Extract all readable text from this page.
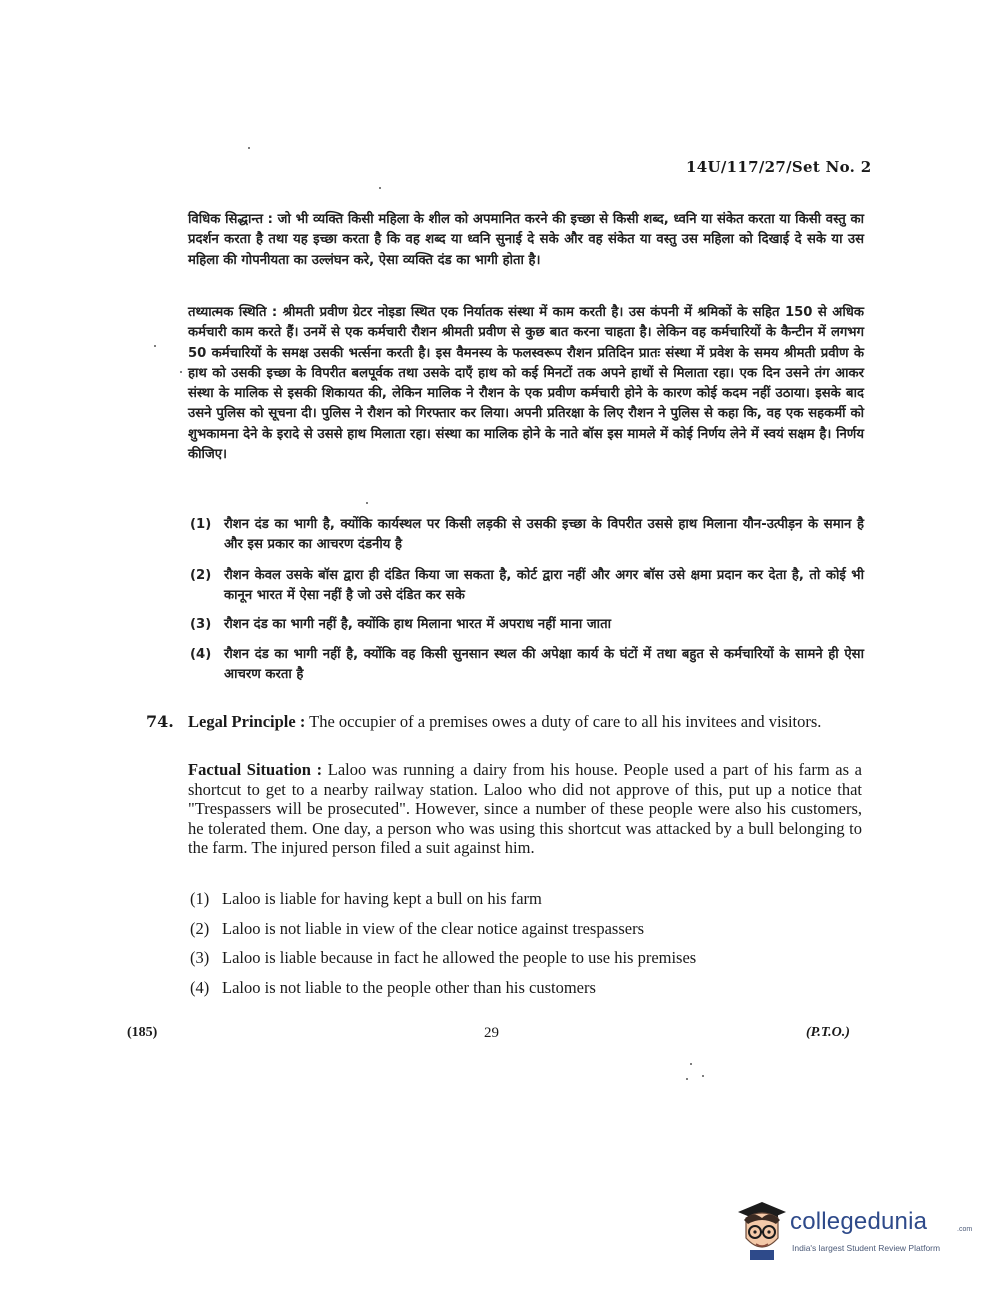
14U/117/27/Set No. 2
विधिक सिद्धान्त : जो भी व्यक्ति किसी महिला के शील को अपमानित करने की इच्छा से किसी शब्द, ध्वनि या संकेत करता या किसी वस्तु का प्रदर्शन करता है तथा यह इच्छा करता है कि वह शब्द या ध्वनि सुनाई दे सके और वह संकेत या वस्तु उस महिला को दिखाई दे सके या उस महिला की गोपनीयता का उल्लंघन करे, ऐसा व्यक्ति दंड का भागी होता है।
तथ्यात्मक स्थिति : श्रीमती प्रवीण ग्रेटर नोइडा स्थित एक निर्यातक संस्था में काम करती है। उस कंपनी में श्रमिकों के सहित 150 से अधिक कर्मचारी काम करते हैं। उनमें से एक कर्मचारी रौशन श्रीमती प्रवीण से कुछ बात करना चाहता है। लेकिन वह कर्मचारियों के कैन्टीन में लगभग 50 कर्मचारियों के समक्ष उसकी भर्त्सना करती है। इस वैमनस्य के फलस्वरूप रौशन प्रतिदिन प्रातः संस्था में प्रवेश के समय श्रीमती प्रवीण के हाथ को उसकी इच्छा के विपरीत बलपूर्वक तथा उसके दाएँ हाथ को कई मिनटों तक अपने हाथों से मिलाता रहा। एक दिन उसने तंग आकर संस्था के मालिक से इसकी शिकायत की, लेकिन मालिक ने रौशन के एक प्रवीण कर्मचारी होने के कारण कोई कदम नहीं उठाया। इसके बाद उसने पुलिस को सूचना दी। पुलिस ने रौशन को गिरफ्तार कर लिया। अपनी प्रतिरक्षा के लिए रौशन ने पुलिस से कहा कि, वह एक सहकर्मी को शुभकामना देने के इरादे से उससे हाथ मिलाता रहा। संस्था का मालिक होने के नाते बॉस इस मामले में कोई निर्णय लेने में स्वयं सक्षम है। निर्णय कीजिए।
(1) रौशन दंड का भागी है, क्योंकि कार्यस्थल पर किसी लड़की से उसकी इच्छा के विपरीत उससे हाथ मिलाना यौन-उत्पीड़न के समान है और इस प्रकार का आचरण दंडनीय है
(2) रौशन केवल उसके बॉस द्वारा ही दंडित किया जा सकता है, कोर्ट द्वारा नहीं और अगर बॉस उसे क्षमा प्रदान कर देता है, तो कोई भी कानून भारत में ऐसा नहीं है जो उसे दंडित कर सके
(3) रौशन दंड का भागी नहीं है, क्योंकि हाथ मिलाना भारत में अपराध नहीं माना जाता
(4) रौशन दंड का भागी नहीं है, क्योंकि वह किसी सुनसान स्थल की अपेक्षा कार्य के घंटों में तथा बहुत से कर्मचारियों के सामने ही ऐसा आचरण करता है
74. Legal Principle : The occupier of a premises owes a duty of care to all his invitees and visitors.
Factual Situation : Laloo was running a dairy from his house. People used a part of his farm as a shortcut to get to a nearby railway station. Laloo who did not approve of this, put up a notice that "Trespassers will be prosecuted". However, since a number of these people were also his customers, he tolerated them. One day, a person who was using this shortcut was attacked by a bull belonging to the farm. The injured person filed a suit against him.
(1) Laloo is liable for having kept a bull on his farm
(2) Laloo is not liable in view of the clear notice against trespassers
(3) Laloo is liable because in fact he allowed the people to use his premises
(4) Laloo is not liable to the people other than his customers
(185)	29	(P.T.O.)
collegedunia	.com
India's largest Student Review Platform
